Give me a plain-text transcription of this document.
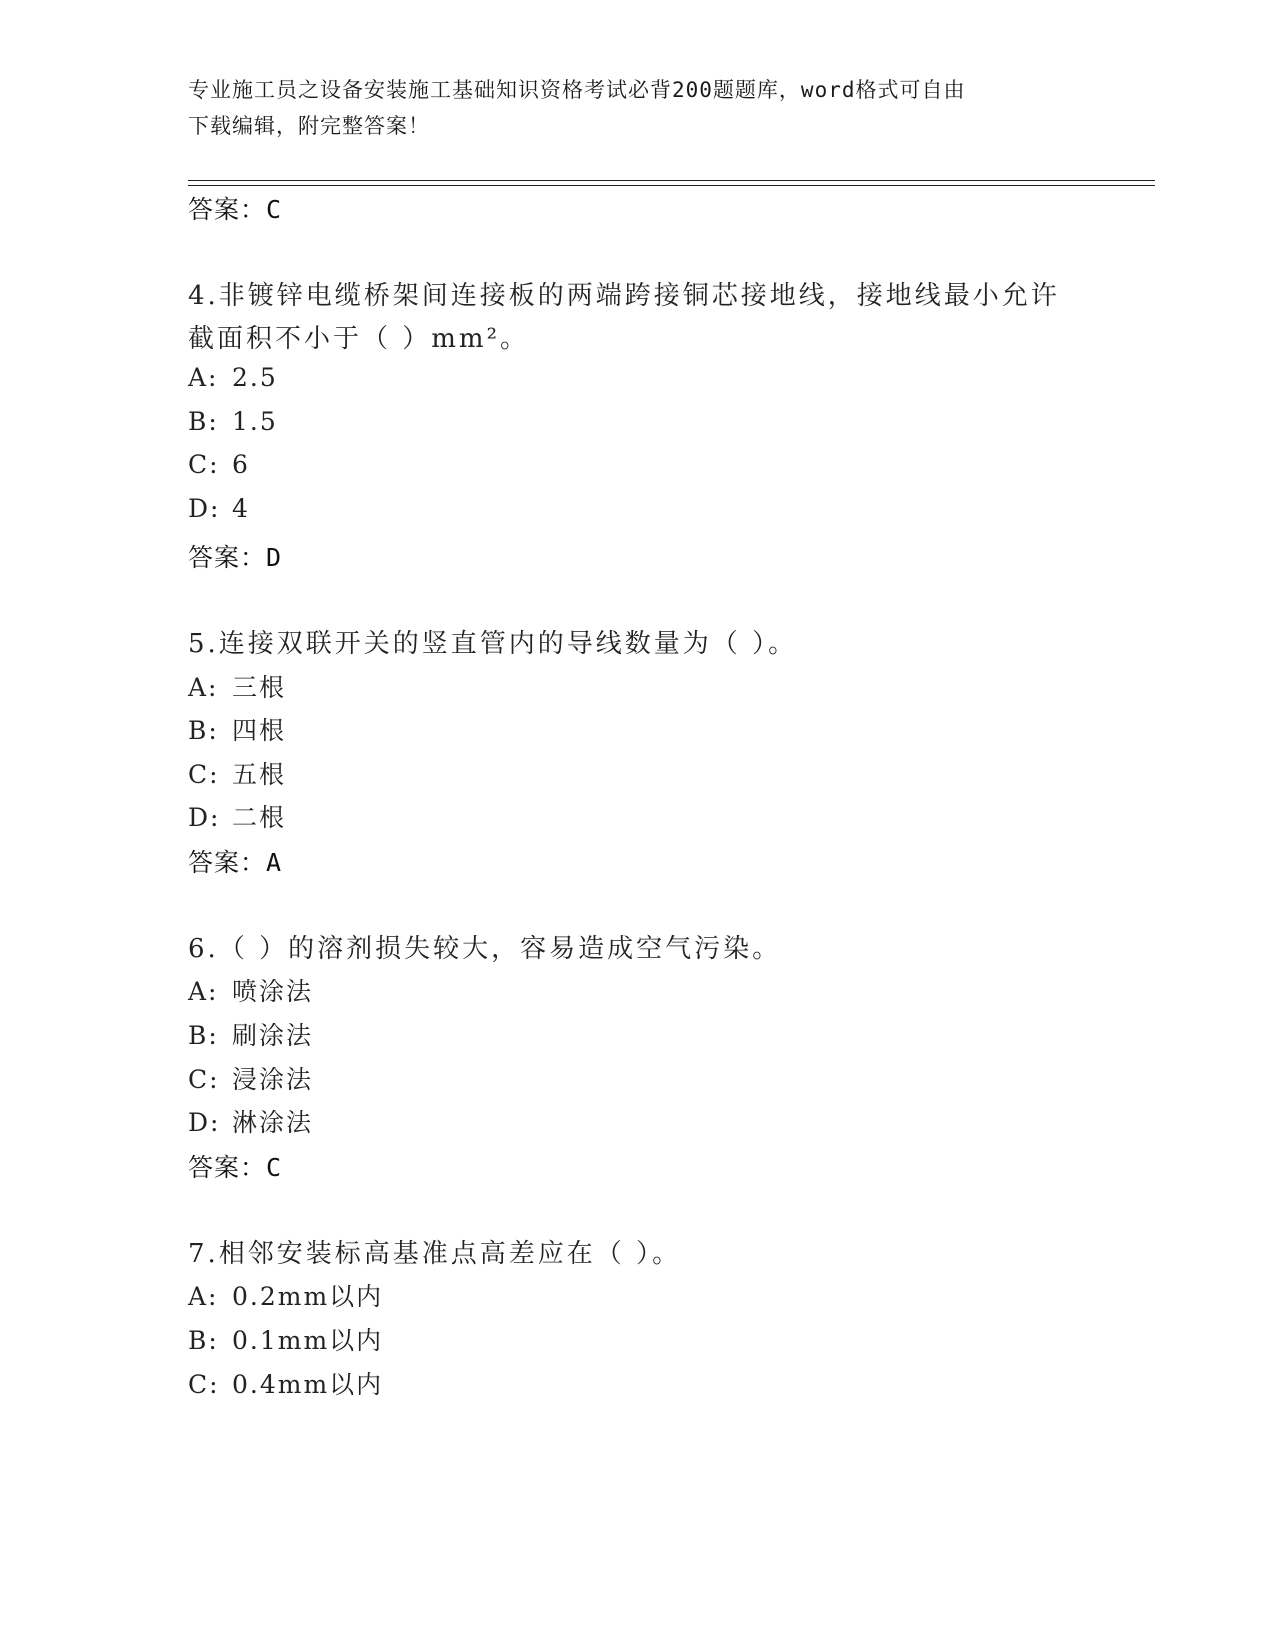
专业施工员之设备安装施工基础知识资格考试必背200题题库，word格式可自由
下载编辑，附完整答案！
答案：C
4.非镀锌电缆桥架间连接板的两端跨接铜芯接地线，接地线最小允许
截面积不小于（ ）mm²。
A: 2.5
B: 1.5
C: 6
D: 4
答案：D
5.连接双联开关的竖直管内的导线数量为（ ）。
A: 三根
B: 四根
C: 五根
D: 二根
答案：A
6.（ ）的溶剂损失较大，容易造成空气污染。
A: 喷涂法
B: 刷涂法
C: 浸涂法
D: 淋涂法
答案：C
7.相邻安装标高基准点高差应在（ ）。
A: 0.2mm以内
B: 0.1mm以内
C: 0.4mm以内
